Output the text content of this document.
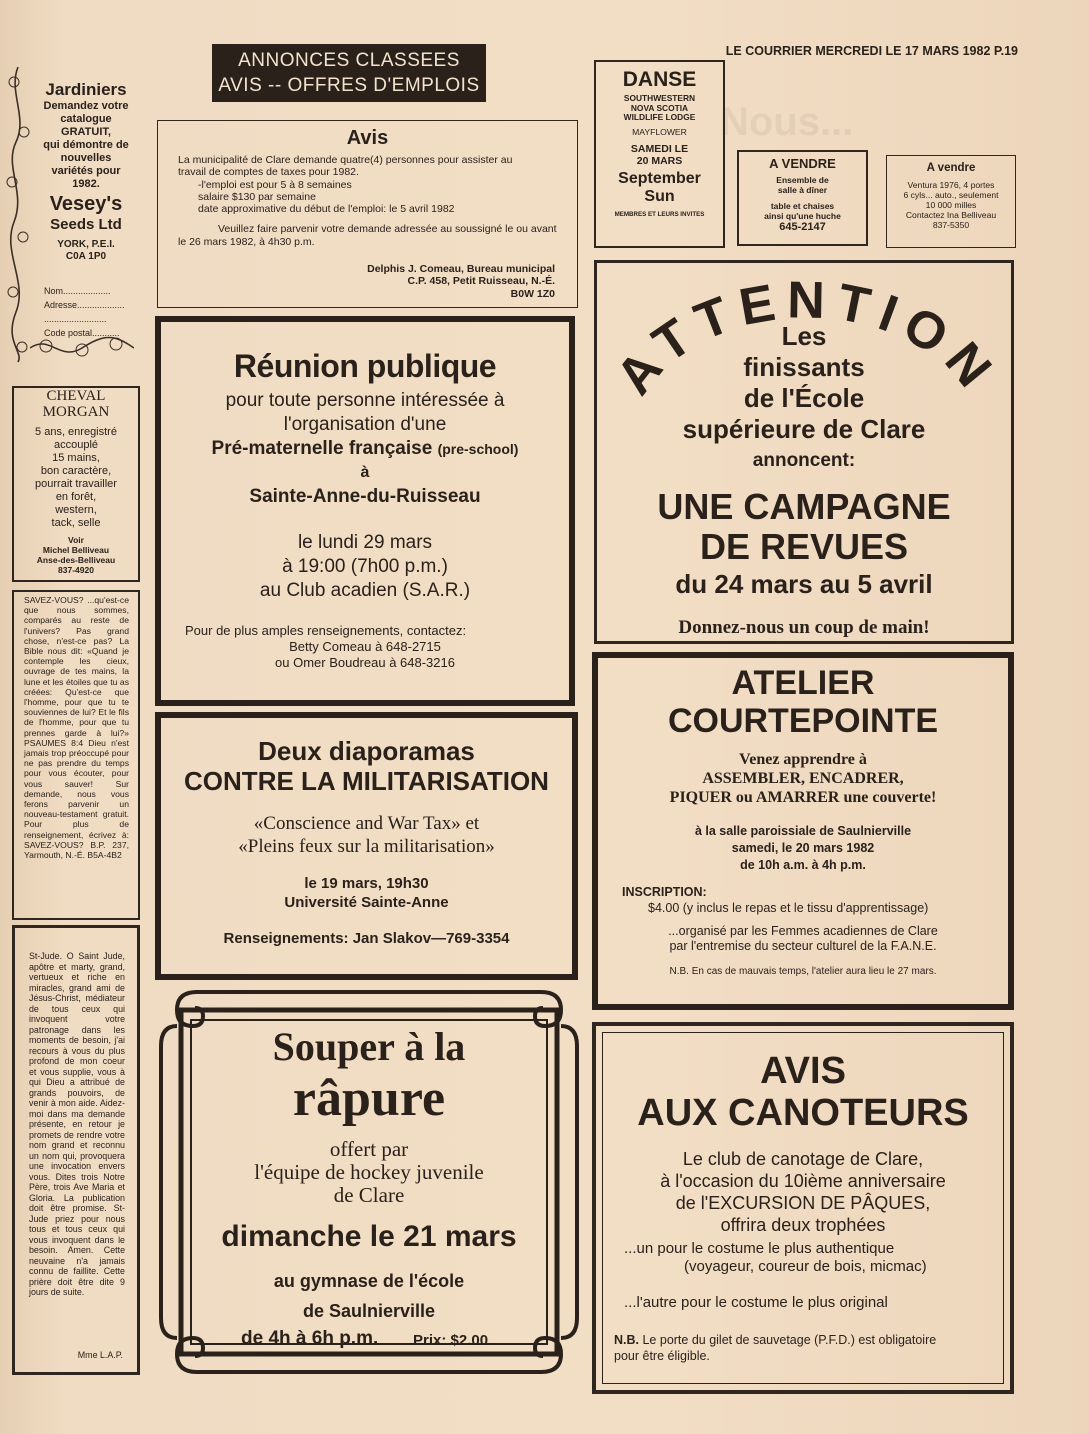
Nous...
ANNONCES CLASSEES
AVIS -- OFFRES D'EMPLOIS
LE COURRIER MERCREDI LE 17 MARS 1982 P.19
Jardiniers
Demandez votre
catalogue
GRATUIT,
qui démontre de
nouvelles
variétés pour
1982.
Vesey's
Seeds Ltd
YORK, P.E.I.
C0A 1P0
Nom...................
Adresse...................
.........................
Code postal...........
CHEVAL
MORGAN
5 ans, enregistré
accouplé
15 mains,
bon caractère,
pourrait travailler
en forêt,
western,
tack, selle
Voir
Michel Belliveau
Anse-des-Belliveau
837-4920
SAVEZ-VOUS? ...qu'est-ce que nous sommes, comparés au reste de l'univers? Pas grand chose, n'est-ce pas? La Bible nous dit: «Quand je contemple les cieux, ouvrage de tes mains, la lune et les étoiles que tu as créées: Qu'est-ce que l'homme, pour que tu te souviennes de lui? Et le fils de l'homme, pour que tu prennes garde à lui?» PSAUMES 8:4 Dieu n'est jamais trop préoccupé pour ne pas prendre du temps pour vous écouter, pour vous sauver! Sur demande, nous vous ferons parvenir un nouveau-testament gratuit. Pour plus de renseignement, écrivez à: SAVEZ-VOUS? B.P. 237, Yarmouth, N.-É. B5A-4B2
St-Jude. O Saint Jude, apôtre et marty, grand, vertueux et riche en miracles, grand ami de Jésus-Christ, médiateur de tous ceux qui invoquent votre patronage dans les moments de besoin, j'ai recours à vous du plus profond de mon coeur et vous supplie, vous à qui Dieu a attribué de grands pouvoirs, de venir à mon aide. Aidez-moi dans ma demande présente, en retour je promets de rendre votre nom grand et reconnu un nom qui, provoquera une invocation envers vous. Dites trois Notre Père, trois Ave Maria et Gloria. La publication doit être promise. St-Jude priez pour nous tous et tous ceux qui vous invoquent dans le besoin. Amen. Cette neuvaine n'a jamais connu de faillite. Cette prière doit être dite 9 jours de suite.
Mme L.A.P.
Avis
La municipalité de Clare demande quatre(4) personnes pour assister au
travail de comptes de taxes pour 1982.
-l'emploi est pour 5 à 8 semaines
salaire $130 par semaine
date approximative du début de l'emploi: le 5 avril 1982
Veuillez faire parvenir votre demande adressée au soussigné le ou avant
le 26 mars 1982, à 4h30 p.m.
Delphis J. Comeau, Bureau municipal
C.P. 458, Petit Ruisseau, N.-É.
B0W 1Z0
DANSE
SOUTHWESTERN
NOVA SCOTIA
WILDLIFE LODGE
MAYFLOWER
SAMEDI LE
20 MARS
September
Sun
MEMBRES ET LEURS INVITES
A VENDRE
Ensemble de
salle à dîner
table et chaises
ainsi qu'une huche
645-2147
A vendre
Ventura 1976, 4 portes
6 cyls... auto., seulement
10 000 milles
Contactez Ina Belliveau
837-5350
Réunion publique
pour toute personne intéressée à
l'organisation d'une
Pré-maternelle française (pre-school)
à
Sainte-Anne-du-Ruisseau
le lundi 29 mars
à 19:00 (7h00 p.m.)
au Club acadien (S.A.R.)
Pour de plus amples renseignements, contactez:
Betty Comeau à 648-2715
ou Omer Boudreau à 648-3216
ATTENTION
Les
finissants
de l'École
supérieure de Clare
annoncent:
UNE CAMPAGNE
DE REVUES
du 24 mars au 5 avril
Donnez-nous un coup de main!
Deux diaporamas
CONTRE LA MILITARISATION
«Conscience and War Tax» et
«Pleins feux sur la militarisation»
le 19 mars, 19h30
Université Sainte-Anne
Renseignements: Jan Slakov—769-3354
ATELIER
COURTEPOINTE
Venez apprendre à
ASSEMBLER, ENCADRER,
PIQUER ou AMARRER une couverte!
à la salle paroissiale de Saulnierville
samedi, le 20 mars 1982
de 10h a.m. à 4h p.m.
INSCRIPTION:
$4.00 (y inclus le repas et le tissu d'apprentissage)
...organisé par les Femmes acadiennes de Clare
par l'entremise du secteur culturel de la F.A.N.E.
N.B. En cas de mauvais temps, l'atelier aura lieu le 27 mars.
Souper à la
râpure
offert par
l'équipe de hockey juvenile
de Clare
dimanche le 21 mars
au gymnase de l'école
de Saulnierville
de 4h à 6h p.m. Prix: $2.00
AVIS
AUX CANOTEURS
Le club de canotage de Clare,
à l'occasion du 10ième anniversaire
de l'EXCURSION DE PÂQUES,
offrira deux trophées
...un pour le costume le plus authentique
(voyageur, coureur de bois, micmac)
...l'autre pour le costume le plus original
N.B. Le porte du gilet de sauvetage (P.F.D.) est obligatoire
pour être éligible.
